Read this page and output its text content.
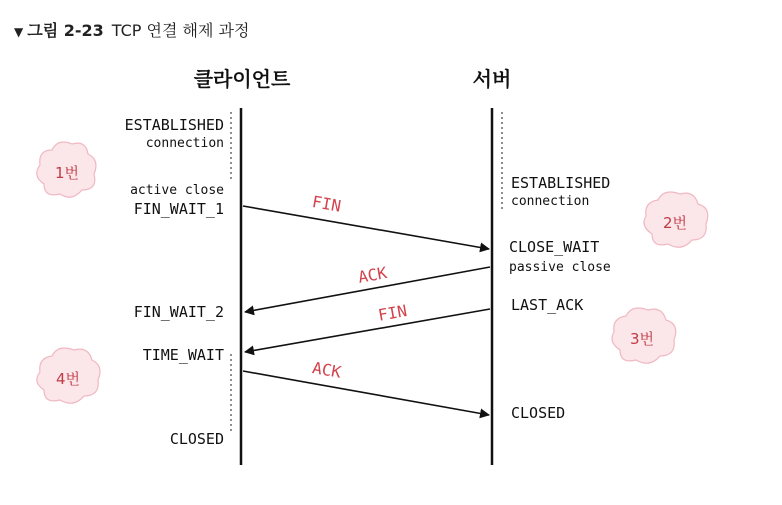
▼ 그림 2-23 TCP 연결 해제 과정
클라이언트	서버
ESTABLISHED
connection
active close
FIN_WAIT_1
FIN_WAIT_2
TIME_WAIT
CLOSED
ESTABLISHED
connection
CLOSE_WAIT
passive close
LAST_ACK
CLOSED
FIN
ACK
FIN
ACK
1번
2번
3번
4번
